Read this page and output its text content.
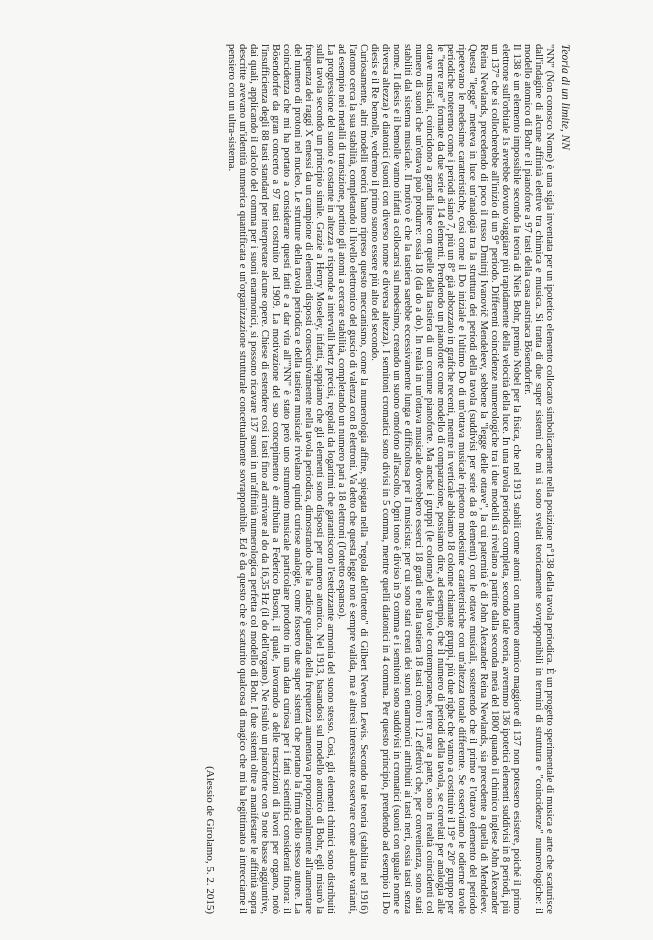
Teoria di un limite, NN

"NN" (Non conosco Nome) è una sigla inventata per un ipotetico elemento collocato simbolicamente nella posizione n°138 della tavola periodica. È un progetto sperimentale di musica e arte che scaturisce dall'indagine di alcune affinità elettive tra chimica e musica. Si tratta di due super sistemi che mi si sono svelati teoricamente sovrapponibili in termini di struttura e "coincidenze" numerologiche: il modello atomico di Bohr e il pianoforte a 97 tasti della casa austriaca Bösendorfer.

Il 138 è un elemento impossibile secondo la teoria di Niels Bohr, premio Nobel per la fisica, che nel 1913 stabilì come atomi con numero atomico maggiore di 137 non potessero esistere, poiché il primo elettrone sull'orbitale 1s avrebbe dovuto viaggiare più rapidamente della velocità della luce. In una tavola periodica completa, secondo tale teoria, avremmo 136 ipotetici elementi suddivisi in 8 periodi, più un 137° che si collocherebbe all'inizio di un 9° periodo. Differenti coincidenze numerologiche tra i due modelli si rivelano a partire dalla seconda metà del 1800 quando il chimico inglese John Alexander Reina Newlands, precedendo di poco il russo Dmitrij Ivanovič Mendeleev, sebbene la "legge delle ottave", la cui paternità è di John Alexander Reina Newlands, sia precedente a quella di Mendeleev. Questa "legge" metteva in luce un'analogia tra la struttura dei periodi della tavola (suddivisi per serie da 8 elementi) con le ottave musicali, sostenendo che il primo e l'ottavo elemento del periodo ripetevano le medesime caratteristiche, così come il Do iniziale e l'ultimo Do di un'ottava musicale ripetono medesime caratteristiche con un'altezza tonale differente. Se osserviamo le odierne tavole periodiche noteremo come i periodi siano 7, più un 8° già abbozzato in grafiche recenti, mentre in verticale abbiamo 18 colonne chiamate gruppi, più due righe che vanno a costituire il 19° e 20° gruppo per le "terre rare" formate da due serie di 14 elementi. Prendendo un pianoforte come modello di comparazione, possiamo dire, ad esempio, che il numero di periodi della tavola, se correlati per analogia alle ottave musicali, coincidono a grandi linee con quelle della tastiera di un comune pianoforte. Ma anche i gruppi (le colonne) delle tavole contemporanee, terre rare a parte, sono in realtà coincidenti col numero di suoni che un'ottava può produrre: ossia 18 (da do a do). In realtà in un'ottava musicale dovrebbero esserci 18 gradi e nella tastiera 18 tasti contro i 12 effettivi che, per convenienza, sono stati stabiliti dal sistema musicale. Il motivo è che la tastiera sarebbe eccessivamente lunga e difficoltosa per il musicista: per cui sono stati creati dei suoni enarmonici attribuiti ai tasti neri, ossia tasti senza nome. Il diesis e il bemolle vanno infatti a collocarsi sul medesimo, creando un suono omofono all'ascolto. Ogni tono è diviso in 9 comma e i semitoni sono suddivisi in cromatici (suoni con uguale nome e diversa altezza) e diatonici (suoni con diverso nome e diversa altezza). I semitoni cromatici sono divisi in 5 comma, mentre quelli diatonici in 4 comma. Per questo principio, prendendo ad esempio il Do diesis e il Re bemolle, vedremo il primo suono essere più alto del secondo.

Curiosamente, altri modelli teorici hanno ripreso questo meccanismo, come la numerologia affine, spiegata nella "regola dell'ottetto" di Gilbert Newton Lewis. Secondo tale teoria (stabilita nel 1916) l'atomo cerca la sua stabilità, completando il livello elettronico del guscio di valenza con 8 elettroni. Va detto che questa legge non è sempre valida, ma è altresì interessante osservare come alcune varianti, ad esempio nei metalli di transizione, portino gli atomi a cercare stabilità, completando un numero pari a 18 elettroni (l'ottetto espanso).

La progressione del suono è costante in altezza e risponde a intervalli hertz precisi, regolati da logaritmi che garantiscono l'estetizzante armonia del suono stesso. Così, gli elementi chimici sono distribuiti sulla tavola secondo un principio simile. Grazie a Henry Moseley, infatti, sappiamo che gli elementi sono disposti per numero atomico. Nel 1913, basandosi sul modello atomico di Bohr, egli misurò la frequenza dei raggi X emessi da un campione di elementi disposti consecutivamente nella tavola periodica, dimostrando che la radice quadrata della frequenza aumentava proporzionalmente all'aumentare del numero di protoni nel nucleo. Le strutture della tavola periodica e della tastiera musicale rivelano quindi curiose analogie, come fossero due super sistemi che portano la firma dello stesso autore. La coincidenza che mi ha portato a considerare questi fatti e a dar vita all'"NN" è stato però uno strumento musicale particolare prodotto in una data curiosa per i fatti scientifici considerati finora: il Bösendorfer da gran concerto a 97 tasti costruito nel 1909. La motivazione del suo concepimento è attribuita a Federico Busoni, il quale, lavorando a delle trascrizioni di lavori per organo, notò l'insufficienza degli 88 tasti standard per interpretare alcune opere. Chiese di estendere così i tasti fino ad arrivare al do da 16,35 Hz (il do dell'organo). Ne risultò un pianoforte con 9 note basse aggiuntive, dai quali, applicando il calcolo del comma per i suoni enarmonici, si possono ricavare 137 suoni in un'affinità numerologica perfetta col modello di Bohr. I due sistemi oltre a manifestare le affinità sopra descritte avevano un'identità numerica quantificata e un'organizzazione strutturale concettualmente sovrapponibile. Ed è da questo che è scaturito qualcosa di magico che mi ha legittimato a intrecciarne il pensiero con un ultra-sistema.

(Alessio de Girolamo, 5. 2. 2015)
